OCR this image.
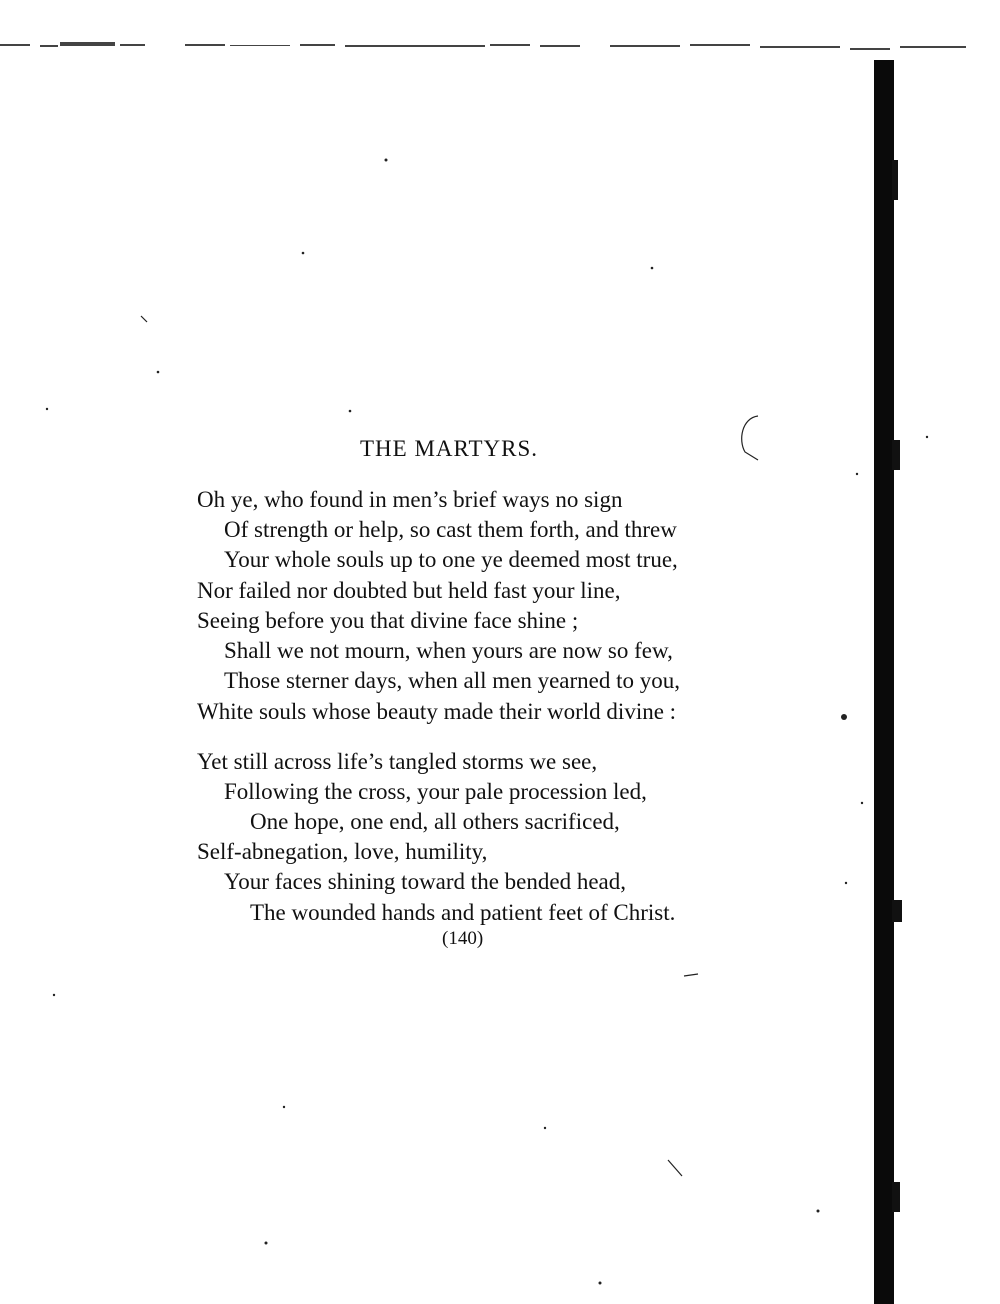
THE MARTYRS.
Oh ye, who found in men’s brief ways no sign
Of strength or help, so cast them forth, and threw
Your whole souls up to one ye deemed most true,
Nor failed nor doubted but held fast your line,
Seeing before you that divine face shine ;
Shall we not mourn, when yours are now so few,
Those sterner days, when all men yearned to you,
White souls whose beauty made their world divine :
Yet still across life’s tangled storms we see,
Following the cross, your pale procession led,
One hope, one end, all others sacrificed,
Self-abnegation, love, humility,
Your faces shining toward the bended head,
The wounded hands and patient feet of Christ.
(140)
